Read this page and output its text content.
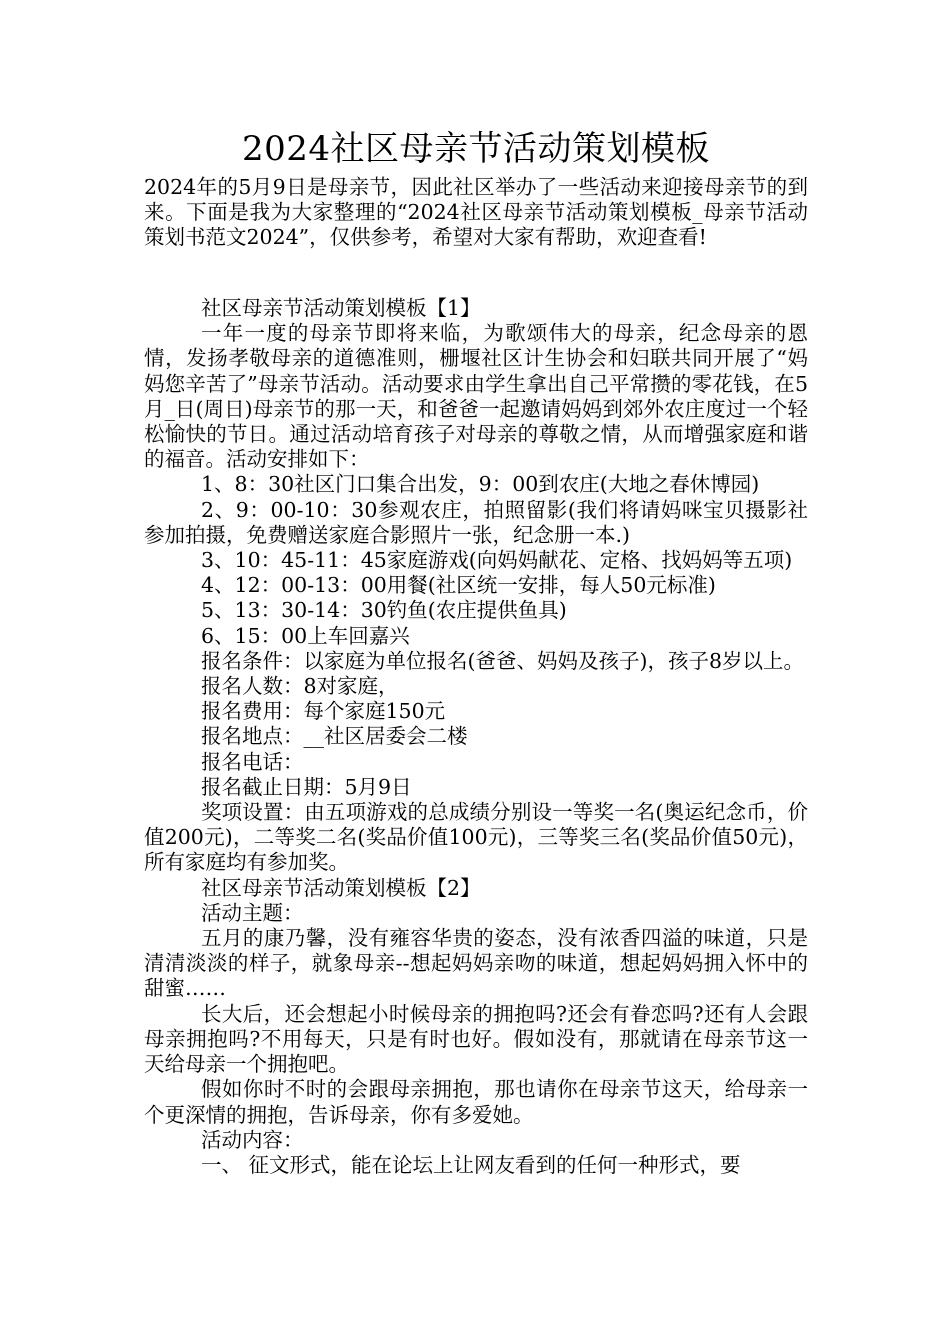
2024社区母亲节活动策划模板

2024年的5月9日是母亲节，因此社区举办了一些活动来迎接母亲节的到来。下面是我为大家整理的“2024社区母亲节活动策划模板_母亲节活动策划书范文2024”，仅供参考，希望对大家有帮助，欢迎查看!

社区母亲节活动策划模板【1】

一年一度的母亲节即将来临，为歌颂伟大的母亲，纪念母亲的恩情，发扬孝敬母亲的道德准则，栅堰社区计生协会和妇联共同开展了“妈妈您辛苦了”母亲节活动。活动要求由学生拿出自己平常攒的零花钱，在5月_日(周日)母亲节的那一天，和爸爸一起邀请妈妈到郊外农庄度过一个轻松愉快的节日。通过活动培育孩子对母亲的尊敬之情，从而增强家庭和谐的福音。活动安排如下：

1、8：30社区门口集合出发，9：00到农庄(大地之春休博园)

2、9：00-10：30参观农庄，拍照留影(我们将请妈咪宝贝摄影社参加拍摄，免费赠送家庭合影照片一张，纪念册一本.)

3、10：45-11：45家庭游戏(向妈妈献花、定格、找妈妈等五项)

4、12：00-13：00用餐(社区统一安排，每人50元标准)

5、13：30-14：30钓鱼(农庄提供鱼具)

6、15：00上车回嘉兴

报名条件：以家庭为单位报名(爸爸、妈妈及孩子)，孩子8岁以上。

报名人数：8对家庭，

报名费用：每个家庭150元

报名地点：__社区居委会二楼

报名电话：

报名截止日期：5月9日

奖项设置：由五项游戏的总成绩分别设一等奖一名(奥运纪念币，价值200元)，二等奖二名(奖品价值100元)，三等奖三名(奖品价值50元)，所有家庭均有参加奖。

社区母亲节活动策划模板【2】

活动主题：

五月的康乃馨，没有雍容华贵的姿态，没有浓香四溢的味道，只是清清淡淡的样子，就象母亲--想起妈妈亲吻的味道，想起妈妈拥入怀中的甜蜜……

长大后，还会想起小时候母亲的拥抱吗?还会有眷恋吗?还有人会跟母亲拥抱吗?不用每天，只是有时也好。假如没有，那就请在母亲节这一天给母亲一个拥抱吧。

假如你时不时的会跟母亲拥抱，那也请你在母亲节这天，给母亲一个更深情的拥抱，告诉母亲，你有多爱她。

活动内容：

一、 征文形式，能在论坛上让网友看到的任何一种形式，要
